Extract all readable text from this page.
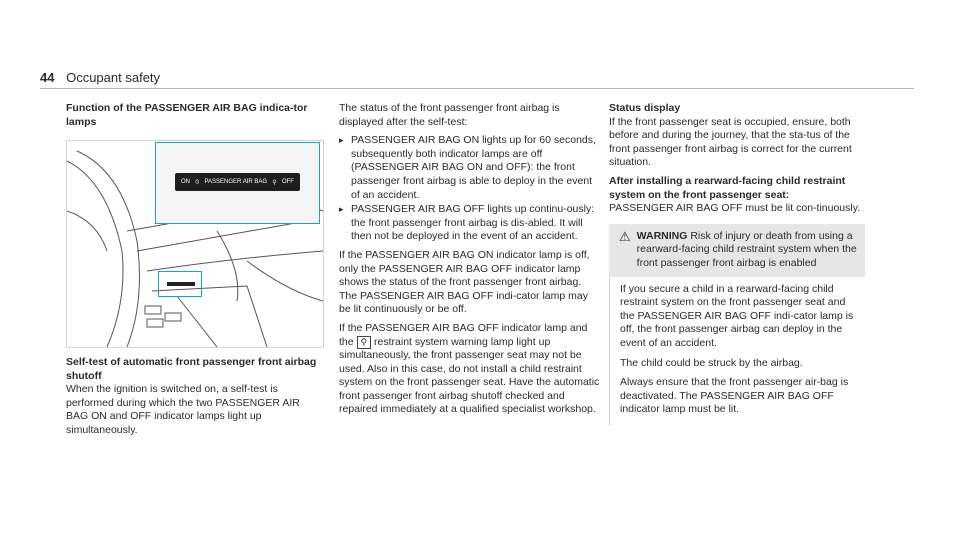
44 Occupant safety

Function of the PASSENGER AIR BAG indica-tor lamps

ON ⦸ PASSENGER AIR BAG ⚲ OFF

Self-test of automatic front passenger front airbag shutoff

When the ignition is switched on, a self-test is performed during which the two PASSENGER AIR BAG ON and OFF indicator lamps light up simultaneously.

The status of the front passenger front airbag is displayed after the self-test:

▸ PASSENGER AIR BAG ON lights up for 60 seconds, subsequently both indicator lamps are off (PASSENGER AIR BAG ON and OFF): the front passenger front airbag is able to deploy in the event of an accident.
▸ PASSENGER AIR BAG OFF lights up continu-ously: the front passenger front airbag is dis-abled. It will then not be deployed in the event of an accident.

If the PASSENGER AIR BAG ON indicator lamp is off, only the PASSENGER AIR BAG OFF indicator lamp shows the status of the front passenger front airbag. The PASSENGER AIR BAG OFF indi-cator lamp may be lit continuously or be off.

If the PASSENGER AIR BAG OFF indicator lamp and the ⚲ restraint system warning lamp light up simultaneously, the front passenger seat may not be used. Also in this case, do not install a child restraint system on the front passenger seat. Have the automatic front passenger front airbag shutoff checked and repaired immediately at a qualified specialist workshop.

Status display

If the front passenger seat is occupied, ensure, both before and during the journey, that the sta-tus of the front passenger front airbag is correct for the current situation.

After installing a rearward-facing child restraint system on the front passenger seat:

PASSENGER AIR BAG OFF must be lit con-tinuously.

⚠ WARNING Risk of injury or death from using a rearward-facing child restraint system when the front passenger front airbag is enabled

If you secure a child in a rearward-facing child restraint system on the front passenger seat and the PASSENGER AIR BAG OFF indi-cator lamp is off, the front passenger airbag can deploy in the event of an accident.

The child could be struck by the airbag.

Always ensure that the front passenger air-bag is deactivated. The PASSENGER AIR BAG OFF indicator lamp must be lit.
